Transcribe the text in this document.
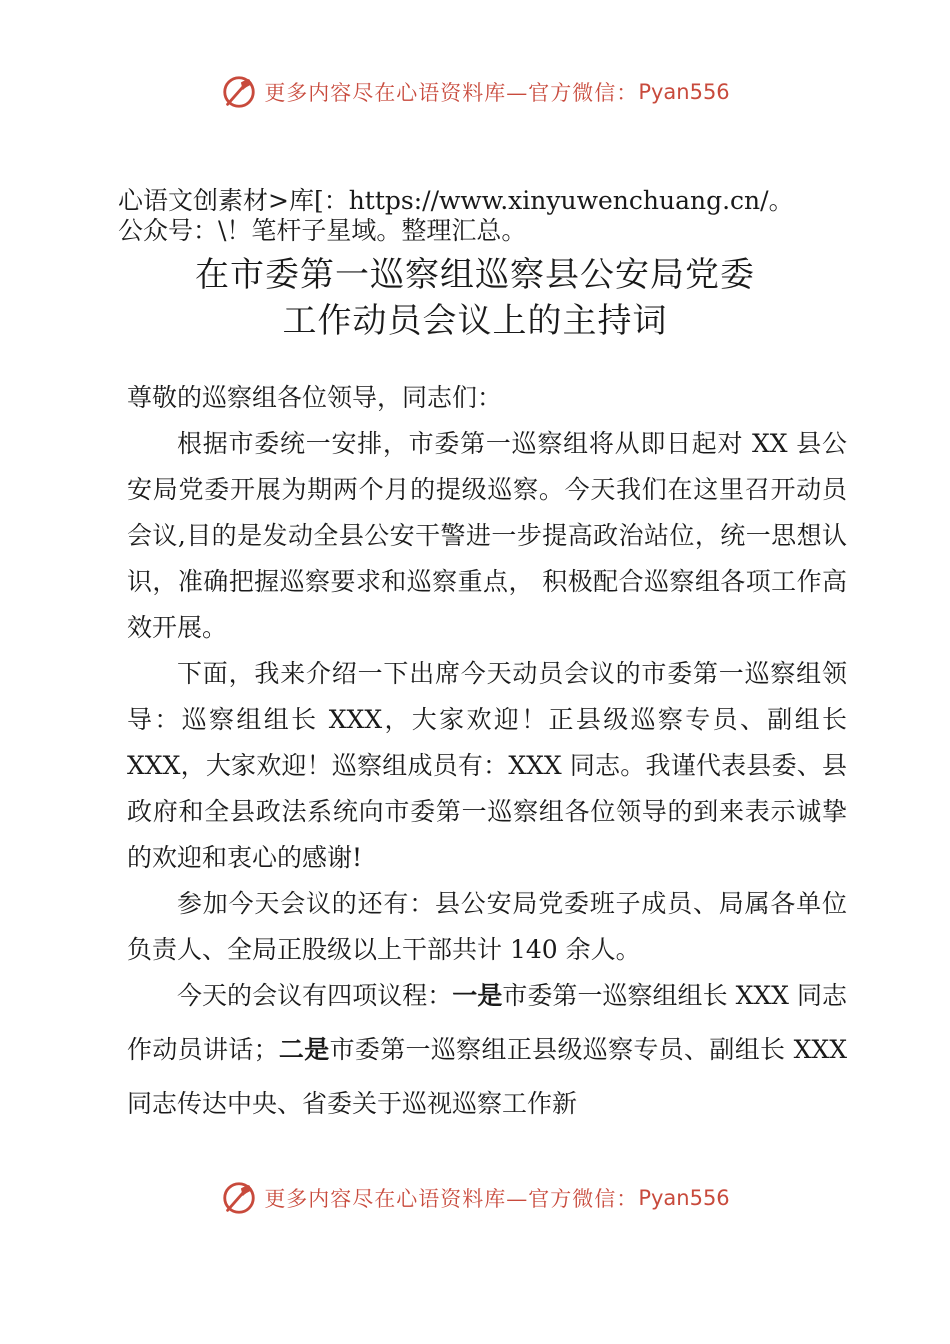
更多内容尽在心语资料库—官方微信： Pyan556
心语文创素材>库[：https://www.xinyuwenchuang.cn/。
公众号：\！笔杆子星域。整理汇总。
在市委第一巡察组巡察县公安局党委
工作动员会议上的主持词

尊敬的巡察组各位领导，同志们：

根据市委统一安排，市委第一巡察组将从即日起对 XX 县公安局党委开展为期两个月的提级巡察。今天我们在这里召开动员会议,目的是发动全县公安干警进一步提高政治站位，统一思想认识，准确把握巡察要求和巡察重点， 积极配合巡察组各项工作高效开展。

下面，我来介绍一下出席今天动员会议的市委第一巡察组领导：巡察组组长 XXX，大家欢迎！正县级巡察专员、副组长 XXX，大家欢迎！巡察组成员有：XXX 同志。我谨代表县委、县政府和全县政法系统向市委第一巡察组各位领导的到来表示诚挚的欢迎和衷心的感谢!

参加今天会议的还有：县公安局党委班子成员、局属各单位负责人、全局正股级以上干部共计 140 余人。

今天的会议有四项议程：一是市委第一巡察组组长 XXX 同志作动员讲话；二是市委第一巡察组正县级巡察专员、副组长 XXX 同志传达中央、省委关于巡视巡察工作新

更多内容尽在心语资料库—官方微信： Pyan556
